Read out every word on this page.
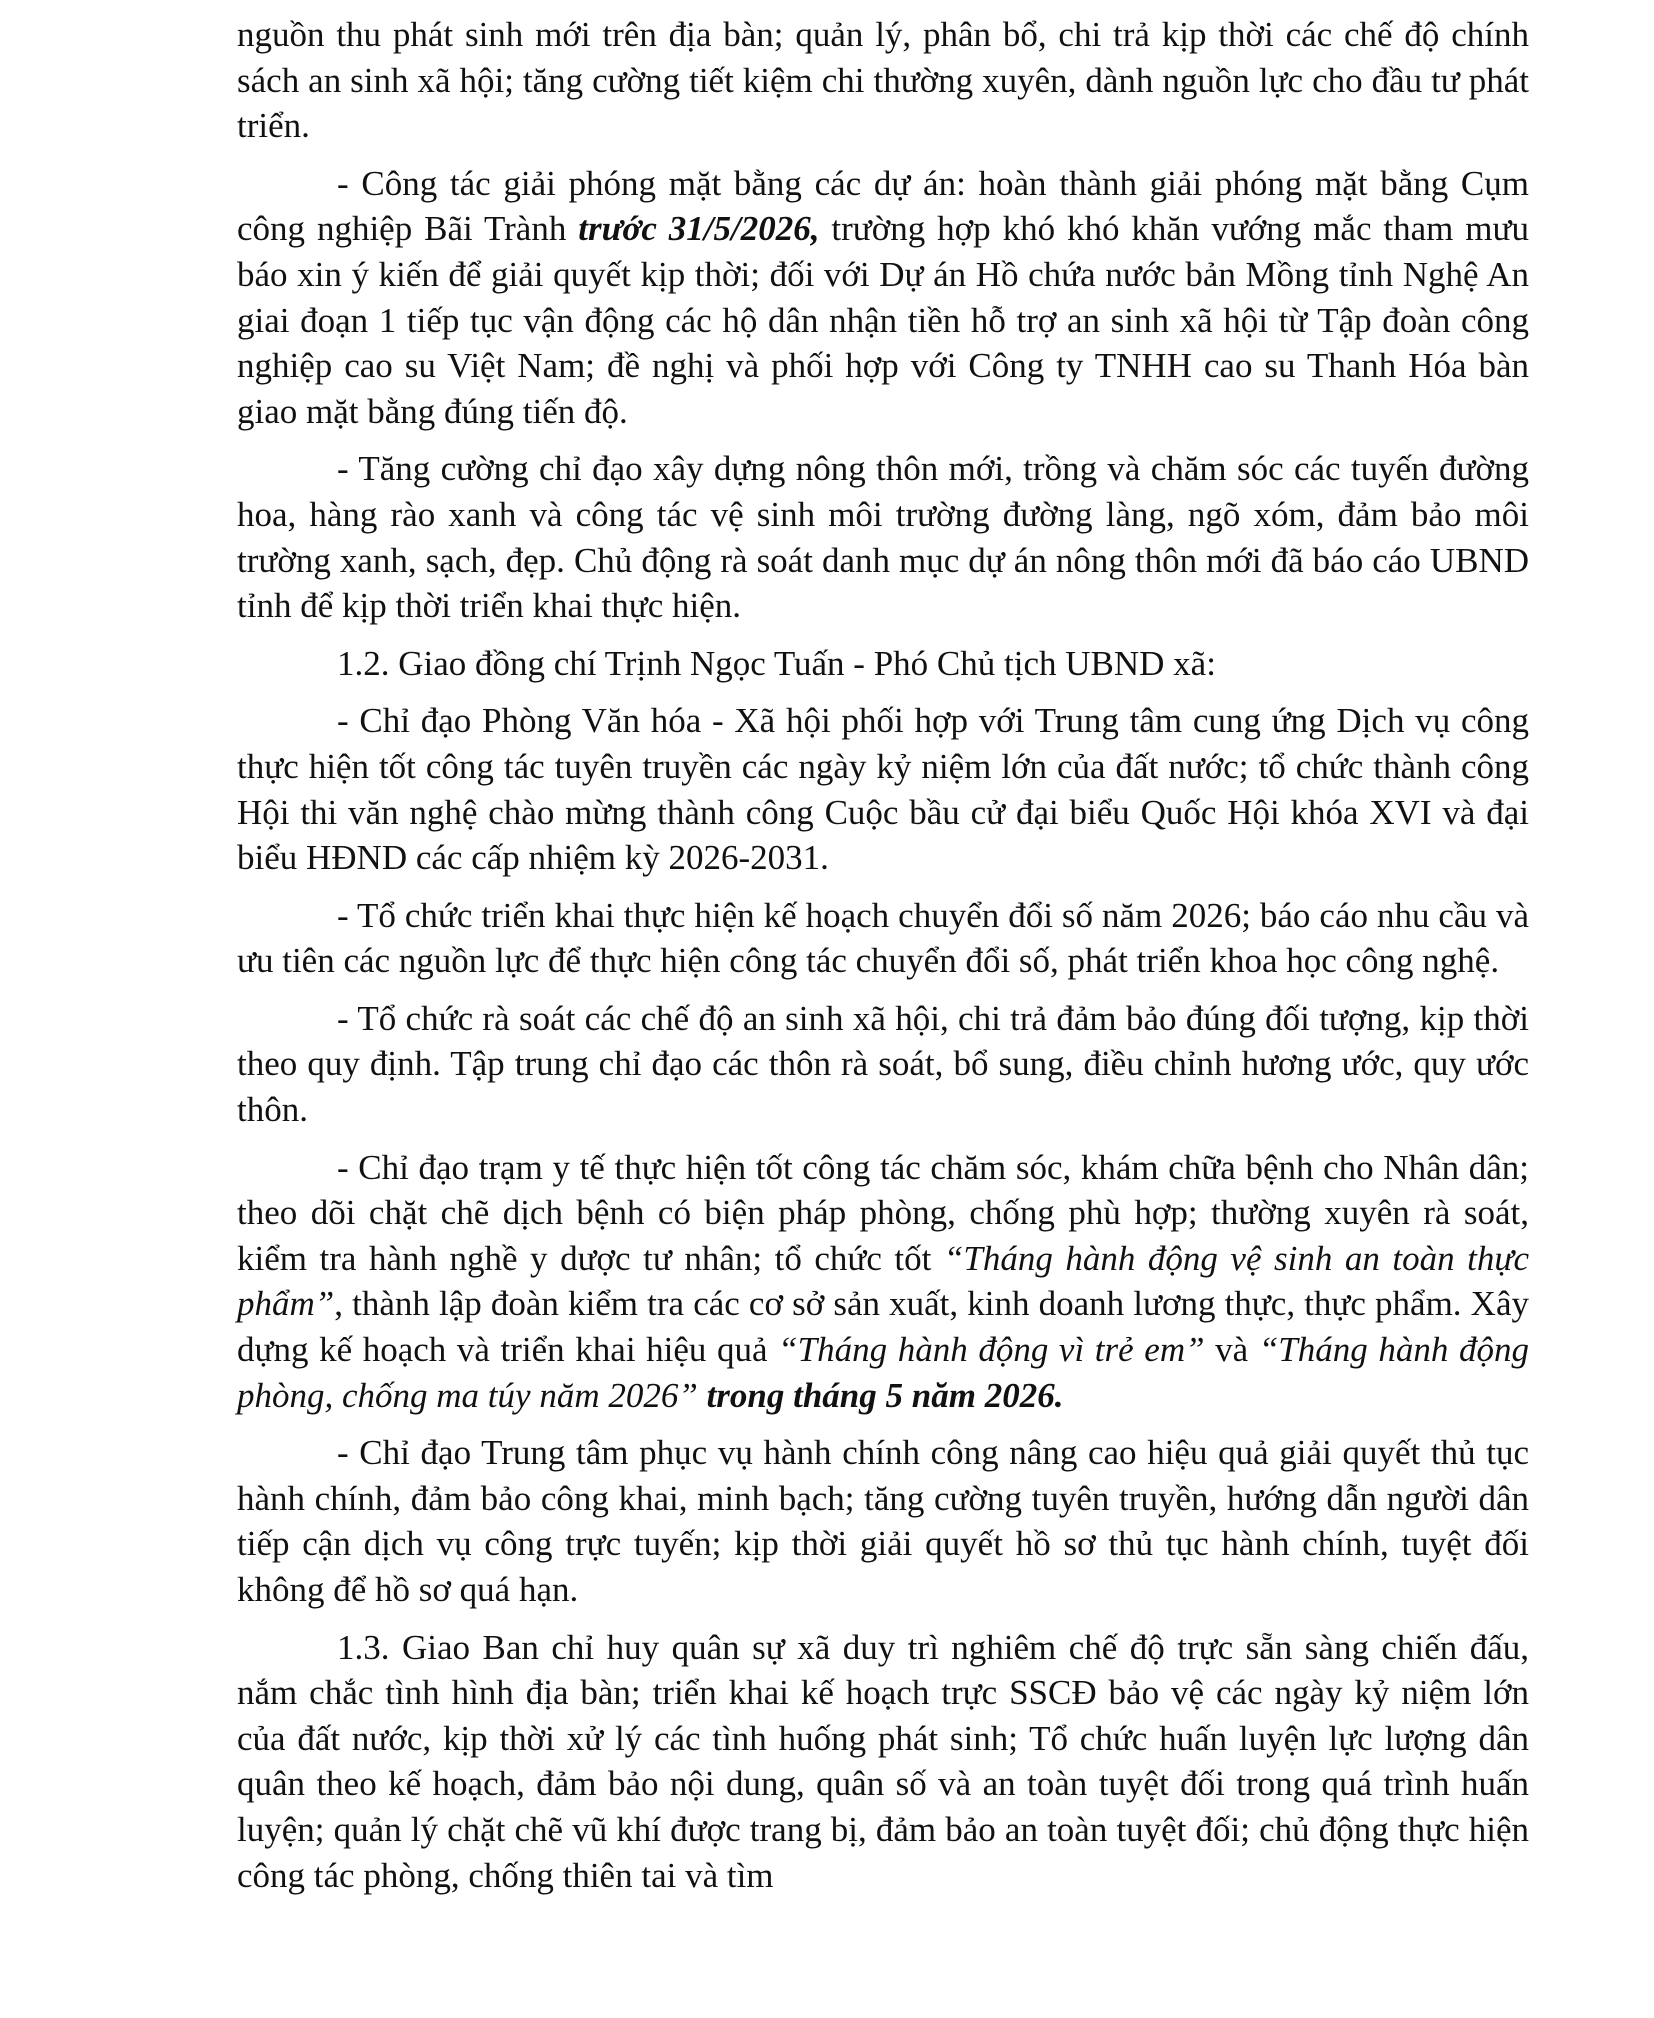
nguồn thu phát sinh mới trên địa bàn; quản lý, phân bổ, chi trả kịp thời các chế độ chính sách an sinh xã hội; tăng cường tiết kiệm chi thường xuyên, dành nguồn lực cho đầu tư phát triển.

- Công tác giải phóng mặt bằng các dự án: hoàn thành giải phóng mặt bằng Cụm công nghiệp Bãi Trành trước 31/5/2026, trường hợp khó khó khăn vướng mắc tham mưu báo xin ý kiến để giải quyết kịp thời; đối với Dự án Hồ chứa nước bản Mồng tỉnh Nghệ An giai đoạn 1 tiếp tục vận động các hộ dân nhận tiền hỗ trợ an sinh xã hội từ Tập đoàn công nghiệp cao su Việt Nam; đề nghị và phối hợp với Công ty TNHH cao su Thanh Hóa bàn giao mặt bằng đúng tiến độ.

- Tăng cường chỉ đạo xây dựng nông thôn mới, trồng và chăm sóc các tuyến đường hoa, hàng rào xanh và công tác vệ sinh môi trường đường làng, ngõ xóm, đảm bảo môi trường xanh, sạch, đẹp. Chủ động rà soát danh mục dự án nông thôn mới đã báo cáo UBND tỉnh để kịp thời triển khai thực hiện.

1.2. Giao đồng chí Trịnh Ngọc Tuấn - Phó Chủ tịch UBND xã:

- Chỉ đạo Phòng Văn hóa - Xã hội phối hợp với Trung tâm cung ứng Dịch vụ công thực hiện tốt công tác tuyên truyền các ngày kỷ niệm lớn của đất nước; tổ chức thành công Hội thi văn nghệ chào mừng thành công Cuộc bầu cử đại biểu Quốc Hội khóa XVI và đại biểu HĐND các cấp nhiệm kỳ 2026-2031.

- Tổ chức triển khai thực hiện kế hoạch chuyển đổi số năm 2026; báo cáo nhu cầu và ưu tiên các nguồn lực để thực hiện công tác chuyển đổi số, phát triển khoa học công nghệ.

- Tổ chức rà soát các chế độ an sinh xã hội, chi trả đảm bảo đúng đối tượng, kịp thời theo quy định. Tập trung chỉ đạo các thôn rà soát, bổ sung, điều chỉnh hương ước, quy ước thôn.

- Chỉ đạo trạm y tế thực hiện tốt công tác chăm sóc, khám chữa bệnh cho Nhân dân; theo dõi chặt chẽ dịch bệnh có biện pháp phòng, chống phù hợp; thường xuyên rà soát, kiểm tra hành nghề y dược tư nhân; tổ chức tốt “Tháng hành động vệ sinh an toàn thực phẩm”, thành lập đoàn kiểm tra các cơ sở sản xuất, kinh doanh lương thực, thực phẩm. Xây dựng kế hoạch và triển khai hiệu quả “Tháng hành động vì trẻ em” và “Tháng hành động phòng, chống ma túy năm 2026” trong tháng 5 năm 2026.

- Chỉ đạo Trung tâm phục vụ hành chính công nâng cao hiệu quả giải quyết thủ tục hành chính, đảm bảo công khai, minh bạch; tăng cường tuyên truyền, hướng dẫn người dân tiếp cận dịch vụ công trực tuyến; kịp thời giải quyết hồ sơ thủ tục hành chính, tuyệt đối không để hồ sơ quá hạn.

1.3. Giao Ban chỉ huy quân sự xã duy trì nghiêm chế độ trực sẵn sàng chiến đấu, nắm chắc tình hình địa bàn; triển khai kế hoạch trực SSCĐ bảo vệ các ngày kỷ niệm lớn của đất nước, kịp thời xử lý các tình huống phát sinh; Tổ chức huấn luyện lực lượng dân quân theo kế hoạch, đảm bảo nội dung, quân số và an toàn tuyệt đối trong quá trình huấn luyện; quản lý chặt chẽ vũ khí được trang bị, đảm bảo an toàn tuyệt đối; chủ động thực hiện công tác phòng, chống thiên tai và tìm
